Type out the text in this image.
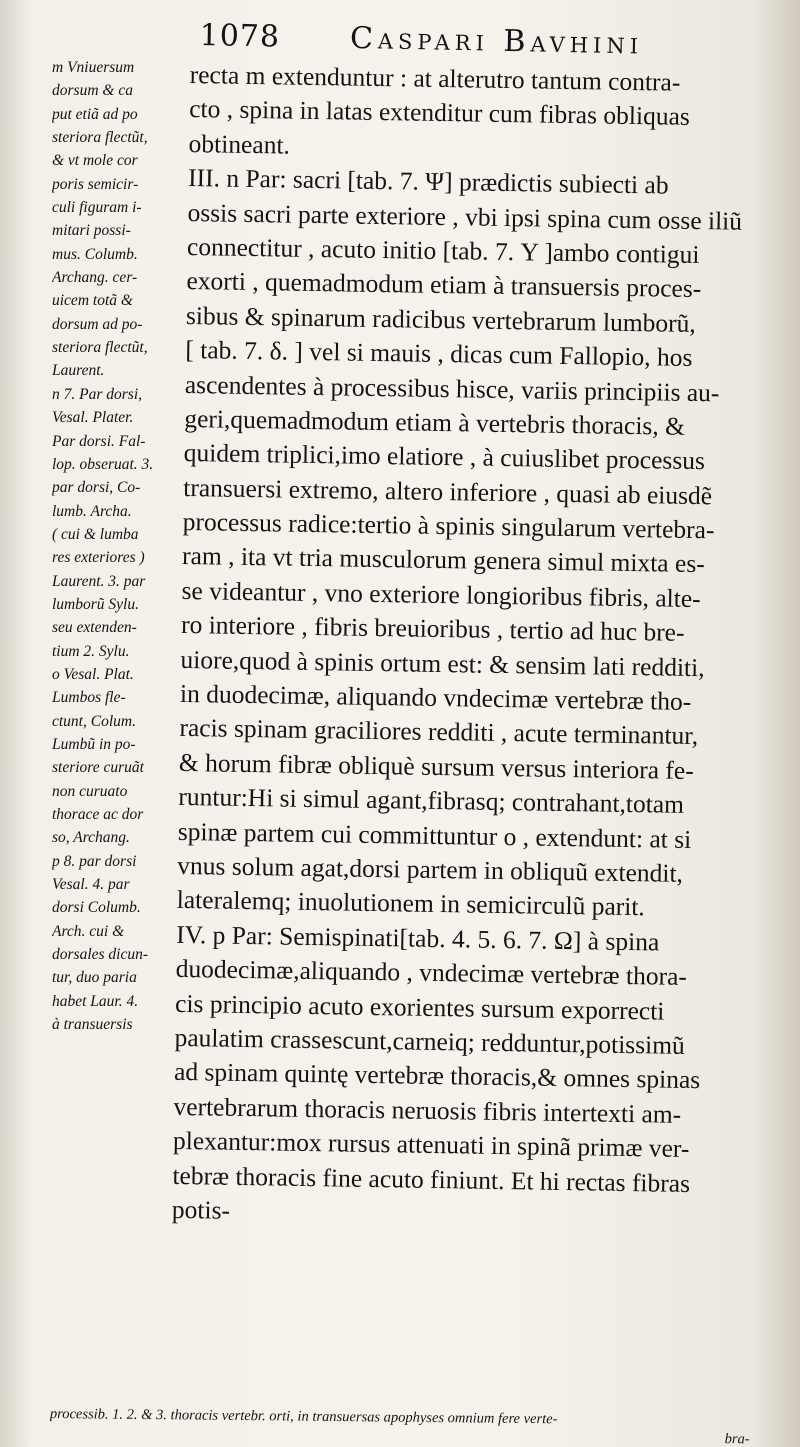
1078 Caspari Bavhini
m Vniuersum
dorsum & ca
put etiã ad po
steriora flectũt,
& vt mole cor
poris semicir-
culi figuram i-
mitari possi-
mus. Columb.
Archang. cer-
uicem totã &
dorsum ad po-
steriora flectũt,
Laurent.
n 7. Par dorsi,
Vesal. Plater.
Par dorsi. Fal-
lop. obseruat. 3.
par dorsi, Co-
lumb. Archa.
( cui & lumba
res exteriores )
Laurent. 3. par
lumborũ Sylu.
seu extenden-
tium 2. Sylu.
o Vesal. Plat.
Lumbos fle-
ctunt, Colum.
Lumbũ in po-
steriore curuãt
non curuato
thorace ac dor
so, Archang.
p 8. par dorsi
Vesal. 4. par
dorsi Columb.
Arch. cui &
dorsales dicun-
tur, duo paria
habet Laur. 4.
à transuersis
recta m extenduntur : at alterutro tantum contra-
cto , spina in latas extenditur cum fibras obliquas
obtineant.
III. n Par: sacri [tab. 7. Ψ] prædictis subiecti ab
ossis sacri parte exteriore , vbi ipsi spina cum osse iliũ
connectitur , acuto initio [tab. 7. Υ ]ambo contigui
exorti , quemadmodum etiam à transuersis proces-
sibus & spinarum radicibus vertebrarum lumborũ,
[ tab. 7. δ. ] vel si mauis , dicas cum Fallopio, hos
ascendentes à processibus hisce, variis principiis au-
geri,quemadmodum etiam à vertebris thoracis, &
quidem triplici,imo elatiore , à cuiuslibet processus
transuersi extremo, altero inferiore , quasi ab eiusdẽ
processus radice:tertio à spinis singularum vertebra-
ram , ita vt tria musculorum genera simul mixta es-
se videantur , vno exteriore longioribus fibris, alte-
ro interiore , fibris breuioribus , tertio ad huc bre-
uiore,quod à spinis ortum est: & sensim lati redditi,
in duodecimæ, aliquando vndecimæ vertebræ tho-
racis spinam graciliores redditi , acute terminantur,
& horum fibræ obliquè sursum versus interiora fe-
runtur:Hi si simul agant,fibrasq; contrahant,totam
spinæ partem cui committuntur o , extendunt: at si
vnus solum agat,dorsi partem in obliquũ extendit,
lateralemq; inuolutionem in semicirculũ parit.
IV. p Par: Semispinati[tab. 4. 5. 6. 7. Ω] à spina
duodecimæ,aliquando , vndecimæ vertebræ thora-
cis principio acuto exorientes sursum exporrecti
paulatim crassescunt,carneiq; redduntur,potissimũ
ad spinam quintę vertebræ thoracis,& omnes spinas
vertebrarum thoracis neruosis fibris intertexti am-
plexantur:mox rursus attenuati in spinã primæ ver-
tebræ thoracis fine acuto finiunt. Et hi rectas fibras
potis-
processib. 1. 2. & 3. thoracis vertebr. orti, in transuersas apophyses omnium fere verte-
bra-
